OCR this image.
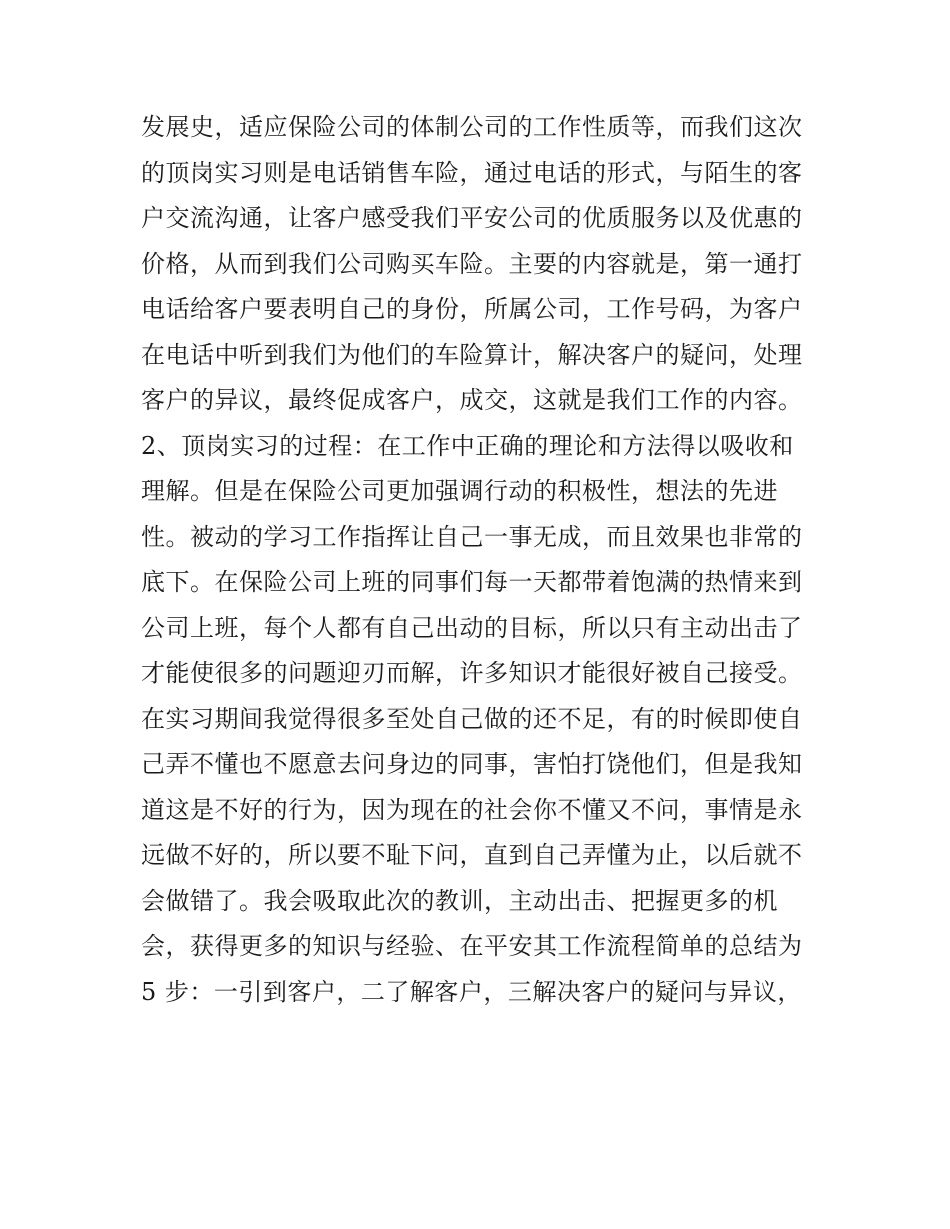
发展史，适应保险公司的体制公司的工作性质等，而我们这次
的顶岗实习则是电话销售车险，通过电话的形式，与陌生的客
户交流沟通，让客户感受我们平安公司的优质服务以及优惠的
价格，从而到我们公司购买车险。主要的内容就是，第一通打
电话给客户要表明自己的身份，所属公司，工作号码，为客户
在电话中听到我们为他们的车险算计，解决客户的疑问，处理
客户的异议，最终促成客户，成交，这就是我们工作的内容。
2、顶岗实习的过程：在工作中正确的理论和方法得以吸收和
理解。但是在保险公司更加强调行动的积极性，想法的先进
性。被动的学习工作指挥让自己一事无成，而且效果也非常的
底下。在保险公司上班的同事们每一天都带着饱满的热情来到
公司上班，每个人都有自己出动的目标，所以只有主动出击了
才能使很多的问题迎刃而解，许多知识才能很好被自己接受。
在实习期间我觉得很多至处自己做的还不足，有的时候即使自
己弄不懂也不愿意去问身边的同事，害怕打饶他们，但是我知
道这是不好的行为，因为现在的社会你不懂又不问，事情是永
远做不好的，所以要不耻下问，直到自己弄懂为止，以后就不
会做错了。我会吸取此次的教训，主动出击、把握更多的机
会，获得更多的知识与经验、在平安其工作流程简单的总结为
5 步：一引到客户，二了解客户，三解决客户的疑问与异议，
